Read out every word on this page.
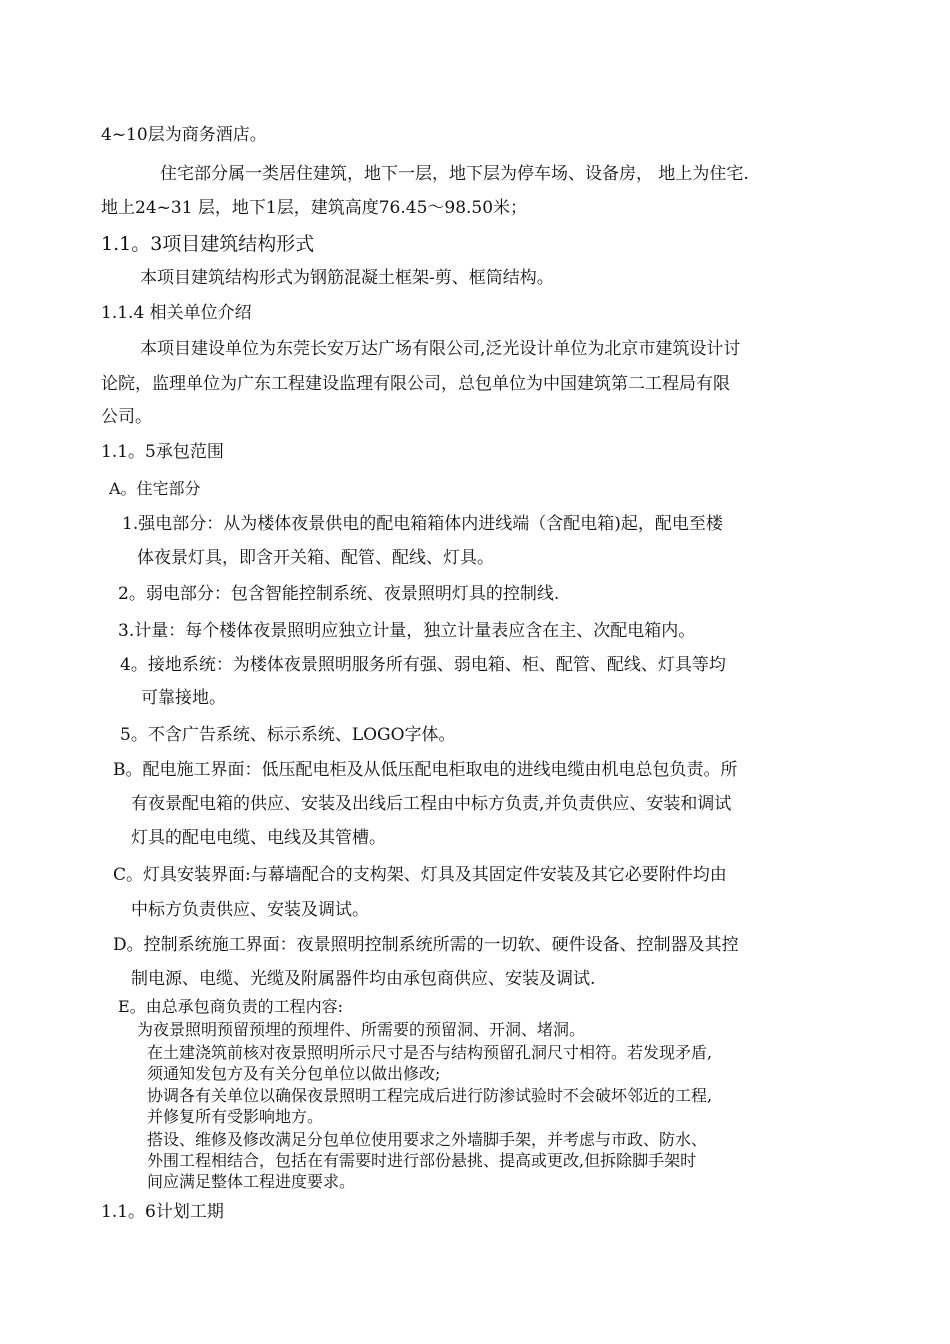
4~10层为商务酒店。
住宅部分属一类居住建筑，地下一层，地下层为停车场、设备房， 地上为住宅.
地上24~31 层，地下1层，建筑高度76.45～98.50米；
1.1。3项目建筑结构形式
本项目建筑结构形式为钢筋混凝土框架-剪、框筒结构。
1.1.4 相关单位介绍
本项目建设单位为东莞长安万达广场有限公司,泛光设计单位为北京市建筑设计讨
论院，监理单位为广东工程建设监理有限公司，总包单位为中国建筑第二工程局有限
公司。
1.1。5承包范围
A。住宅部分
1.强电部分：从为楼体夜景供电的配电箱箱体内进线端（含配电箱)起，配电至楼
体夜景灯具，即含开关箱、配管、配线、灯具。
2。弱电部分：包含智能控制系统、夜景照明灯具的控制线.
3.计量：每个楼体夜景照明应独立计量，独立计量表应含在主、次配电箱内。
4。接地系统：为楼体夜景照明服务所有强、弱电箱、柜、配管、配线、灯具等均
可靠接地。
5。不含广告系统、标示系统、LOGO字体。
B。配电施工界面：低压配电柜及从低压配电柜取电的进线电缆由机电总包负责。所
有夜景配电箱的供应、安装及出线后工程由中标方负责,并负责供应、安装和调试
灯具的配电电缆、电线及其管槽。
C。灯具安装界面:与幕墙配合的支构架、灯具及其固定件安装及其它必要附件均由
中标方负责供应、安装及调试。
D。控制系统施工界面：夜景照明控制系统所需的一切软、硬件设备、控制器及其控
制电源、电缆、光缆及附属器件均由承包商供应、安装及调试.
E。由总承包商负责的工程内容:
为夜景照明预留预埋的预埋件、所需要的预留洞、开洞、堵洞。
在土建浇筑前核对夜景照明所示尺寸是否与结构预留孔洞尺寸相符。若发现矛盾,
须通知发包方及有关分包单位以做出修改;
协调各有关单位以确保夜景照明工程完成后进行防渗试验时不会破坏邻近的工程,
并修复所有受影响地方。
搭设、维修及修改满足分包单位使用要求之外墙脚手架，并考虑与市政、防水、
外围工程相结合，包括在有需要时进行部份悬挑、提高或更改,但拆除脚手架时
间应满足整体工程进度要求。
1.1。6计划工期
